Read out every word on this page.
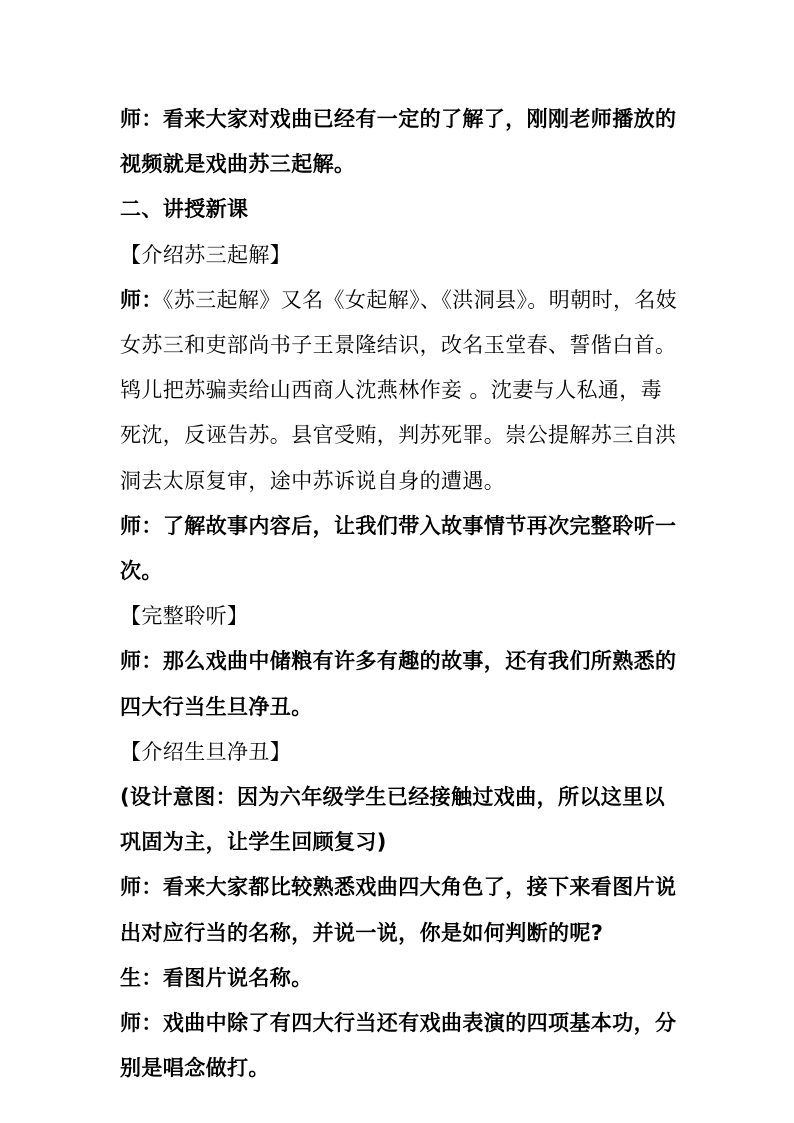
师：看来大家对戏曲已经有一定的了解了，刚刚老师播放的视频就是戏曲苏三起解。

二、讲授新课

【介绍苏三起解】

师：《苏三起解》又名《女起解》、《洪洞县》。明朝时，名妓女苏三和吏部尚书子王景隆结识，改名玉堂春、誓偕白首。鸨儿把苏骗卖给山西商人沈燕林作妾 。沈妻与人私通，毒死沈，反诬告苏。县官受贿，判苏死罪。崇公提解苏三自洪洞去太原复审，途中苏诉说自身的遭遇。

师：了解故事内容后，让我们带入故事情节再次完整聆听一次。

【完整聆听】

师：那么戏曲中储粮有许多有趣的故事，还有我们所熟悉的四大行当生旦净丑。

【介绍生旦净丑】

(设计意图：因为六年级学生已经接触过戏曲，所以这里以巩固为主，让学生回顾复习)

师：看来大家都比较熟悉戏曲四大角色了，接下来看图片说出对应行当的名称，并说一说，你是如何判断的呢?

生：看图片说名称。

师：戏曲中除了有四大行当还有戏曲表演的四项基本功，分别是唱念做打。
